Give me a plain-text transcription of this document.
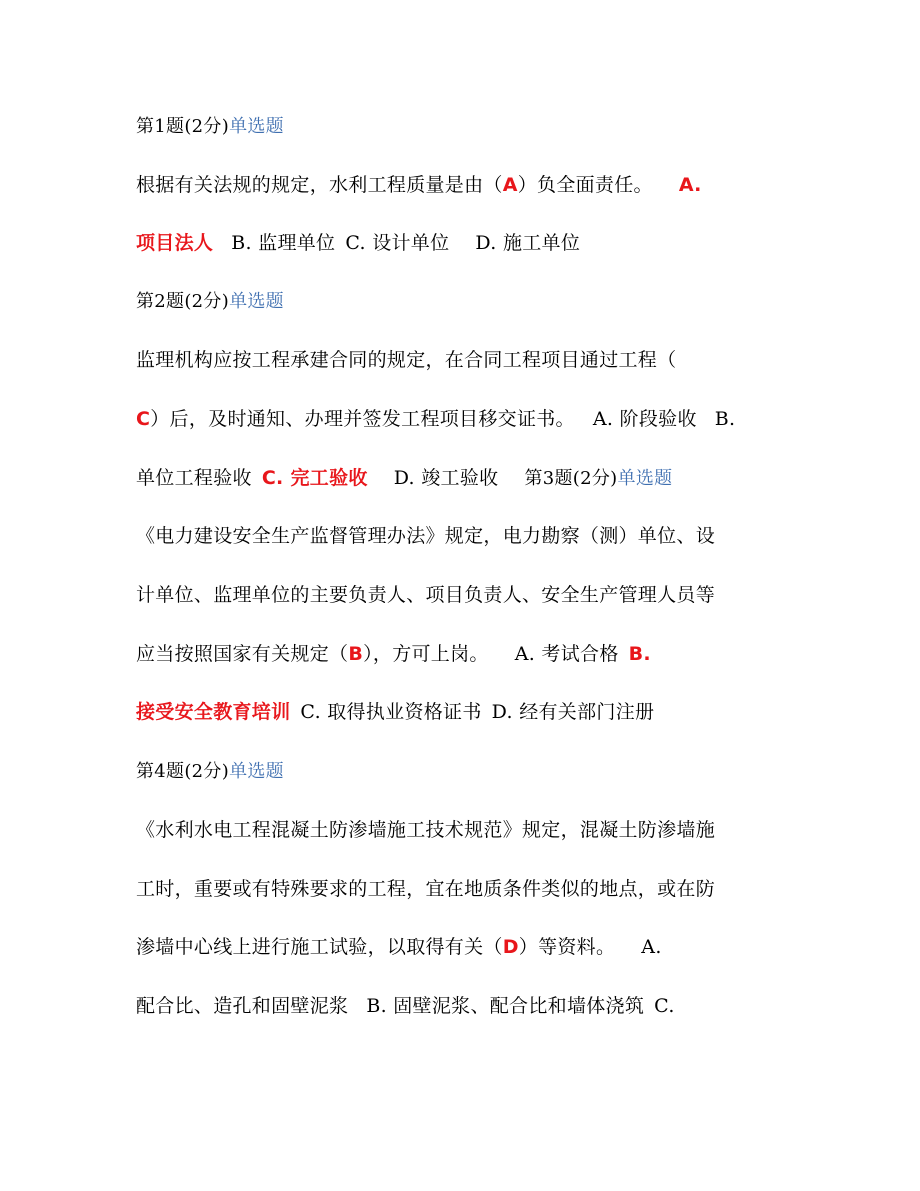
第1题(2分)单选题
根据有关法规的规定，水利工程质量是由（A）负全面责任。 A.
项目法人 B. 监理单位 C. 设计单位 D. 施工单位
第2题(2分)单选题
监理机构应按工程承建合同的规定，在合同工程项目通过工程（
C）后，及时通知、办理并签发工程项目移交证书。 A. 阶段验收 B.
单位工程验收 C. 完工验收 D. 竣工验收 第3题(2分)单选题
《电力建设安全生产监督管理办法》规定，电力勘察（测）单位、设
计单位、监理单位的主要负责人、项目负责人、安全生产管理人员等
应当按照国家有关规定（B），方可上岗。 A. 考试合格 B.
接受安全教育培训 C. 取得执业资格证书 D. 经有关部门注册
第4题(2分)单选题
《水利水电工程混凝土防渗墙施工技术规范》规定，混凝土防渗墙施
工时，重要或有特殊要求的工程，宜在地质条件类似的地点，或在防
渗墙中心线上进行施工试验，以取得有关（D）等资料。 A.
配合比、造孔和固壁泥浆 B. 固壁泥浆、配合比和墙体浇筑 C.
